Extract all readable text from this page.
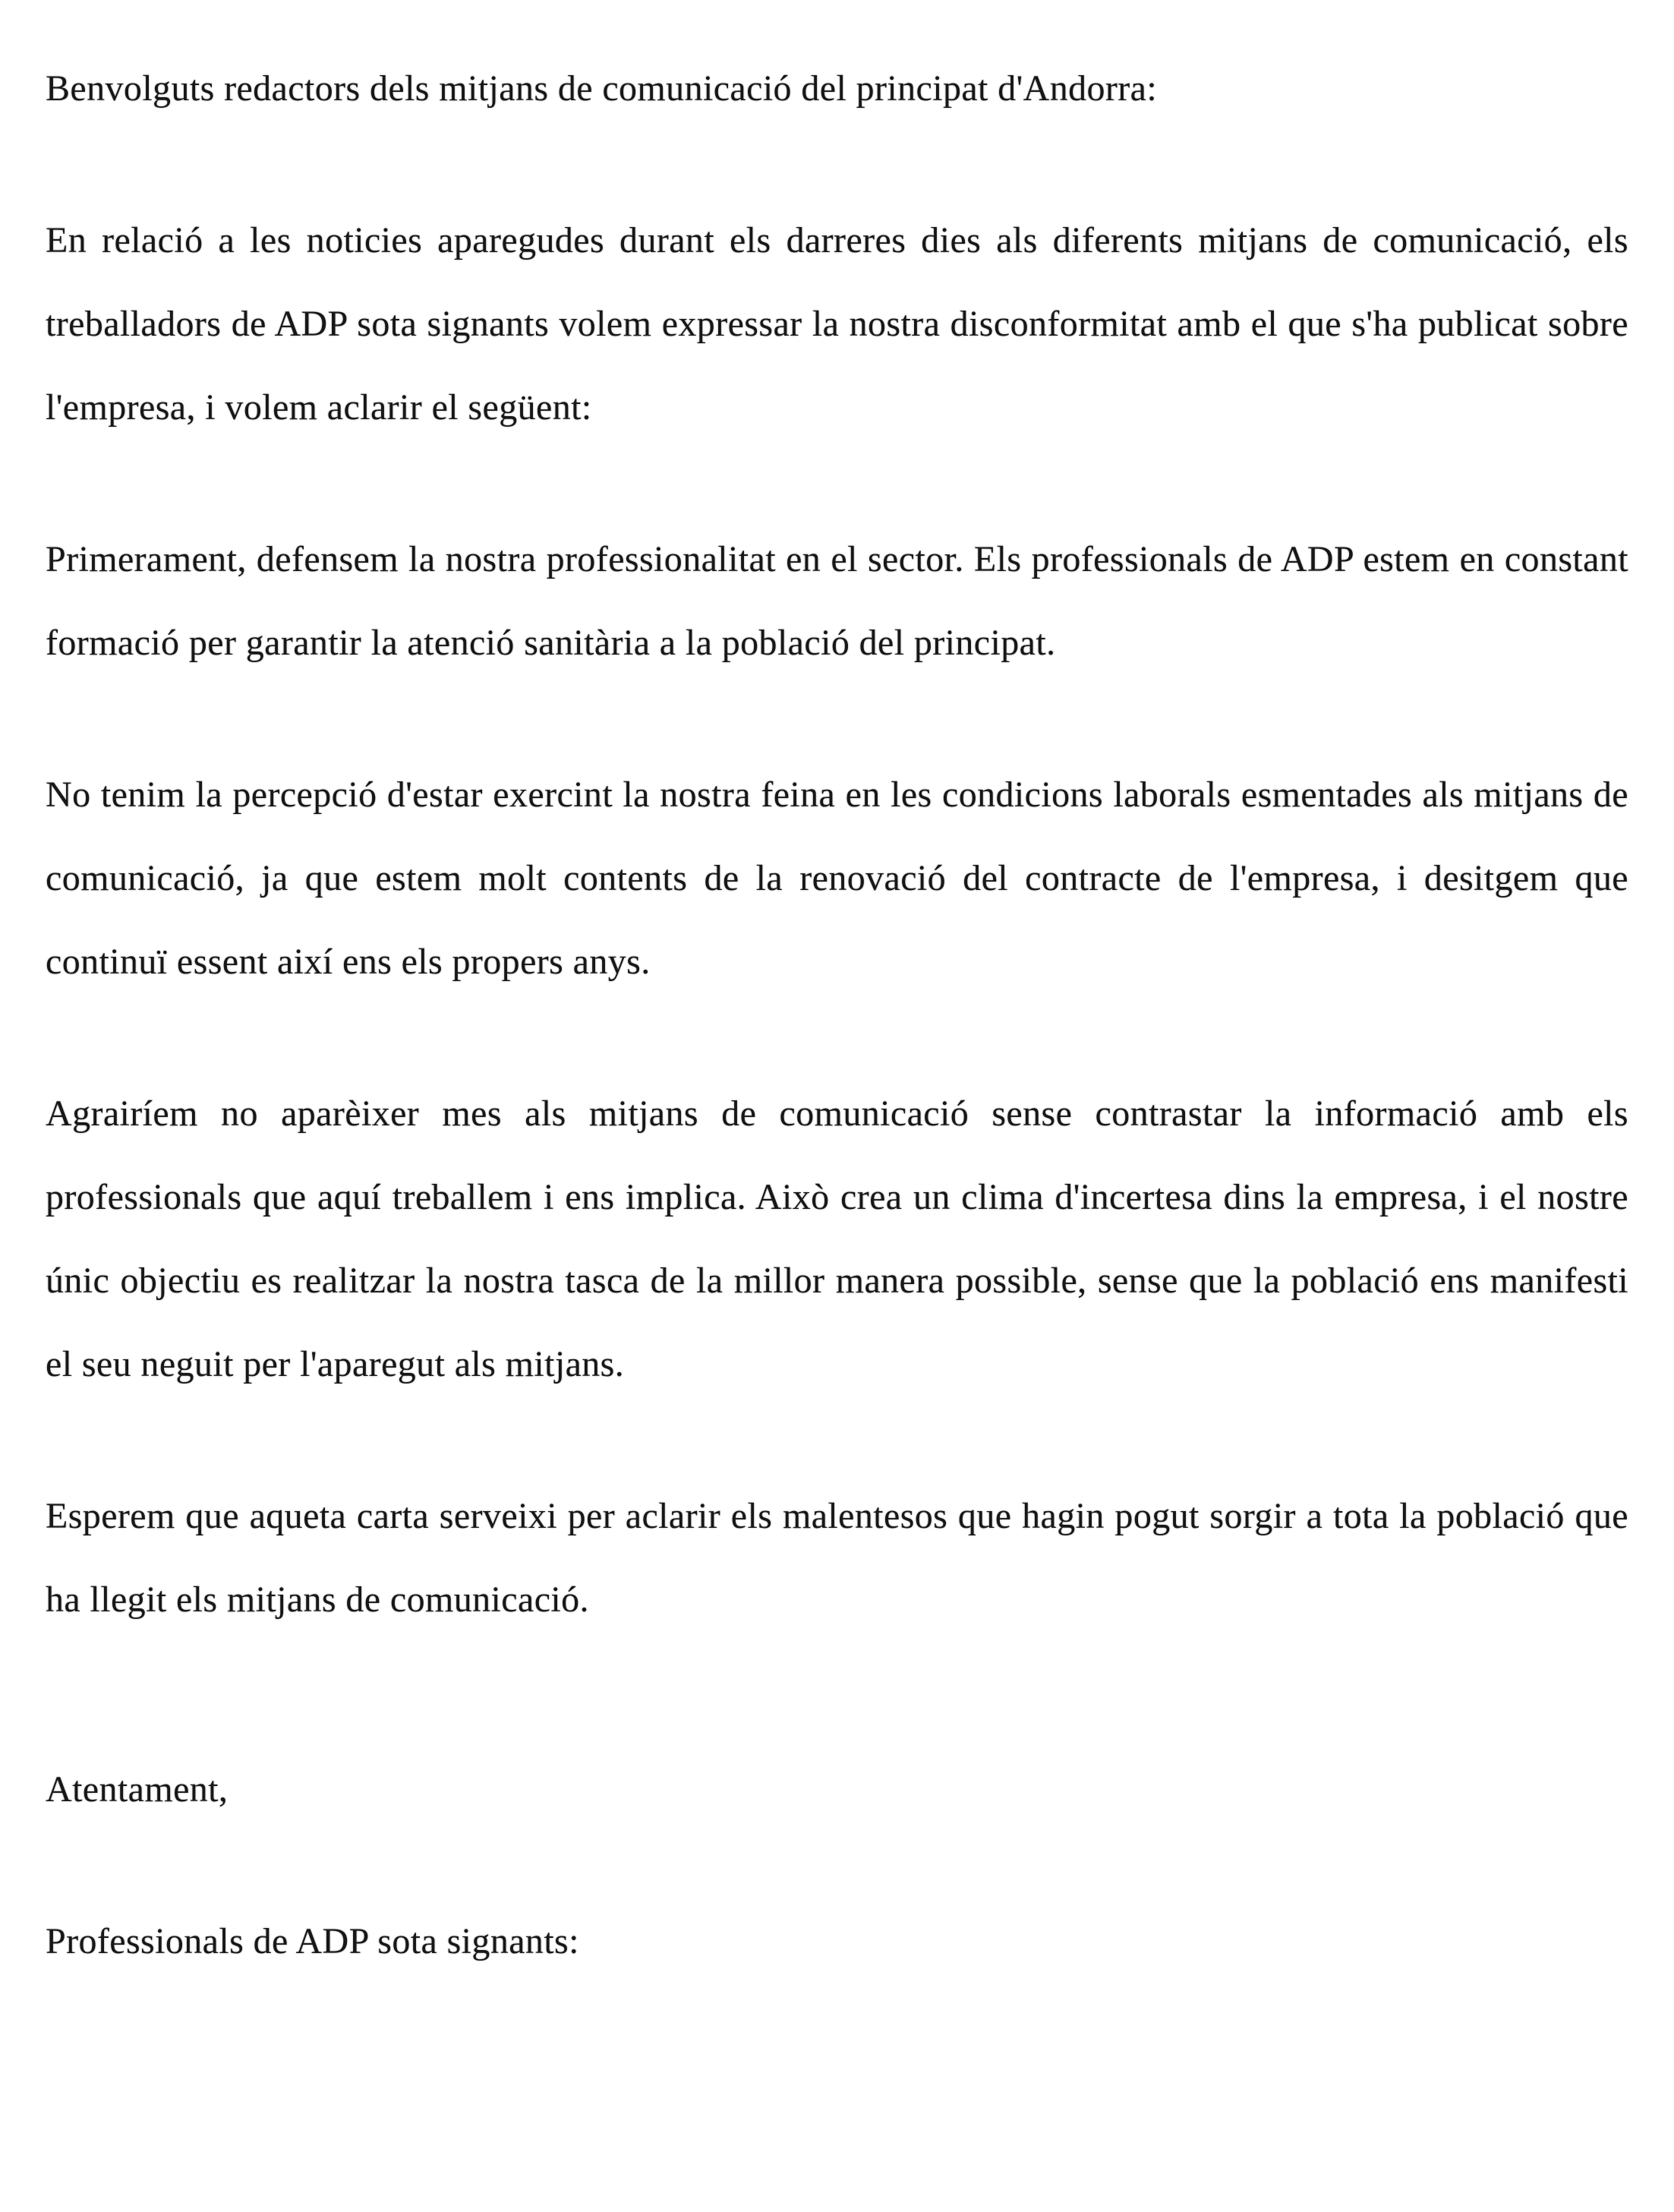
Benvolguts redactors dels mitjans de comunicació del principat d'Andorra:

En relació a les noticies aparegudes durant els darreres dies als diferents mitjans de comunicació, els treballadors de ADP sota signants volem expressar la nostra disconformitat amb el que s'ha publicat sobre l'empresa, i volem aclarir el següent:

Primerament, defensem la nostra professionalitat en el sector. Els professionals de ADP estem en constant formació per garantir la atenció sanitària a la població del principat.

No tenim la percepció d'estar exercint la nostra feina en les condicions laborals esmentades als mitjans de comunicació, ja que estem molt contents de la renovació del contracte de l'empresa, i desitgem que continuï essent així ens els propers anys.

Agrairíem no aparèixer mes als mitjans de comunicació sense contrastar la informació amb els professionals que aquí treballem i ens implica. Això crea un clima d'incertesa dins la empresa, i el nostre únic objectiu es realitzar la nostra tasca de la millor manera possible, sense que la població ens manifesti el seu neguit per l'aparegut als mitjans.

Esperem que aqueta carta serveixi per aclarir els malentesos que hagin pogut sorgir a tota la població que ha llegit els mitjans de comunicació.

Atentament,

Professionals de ADP sota signants:
